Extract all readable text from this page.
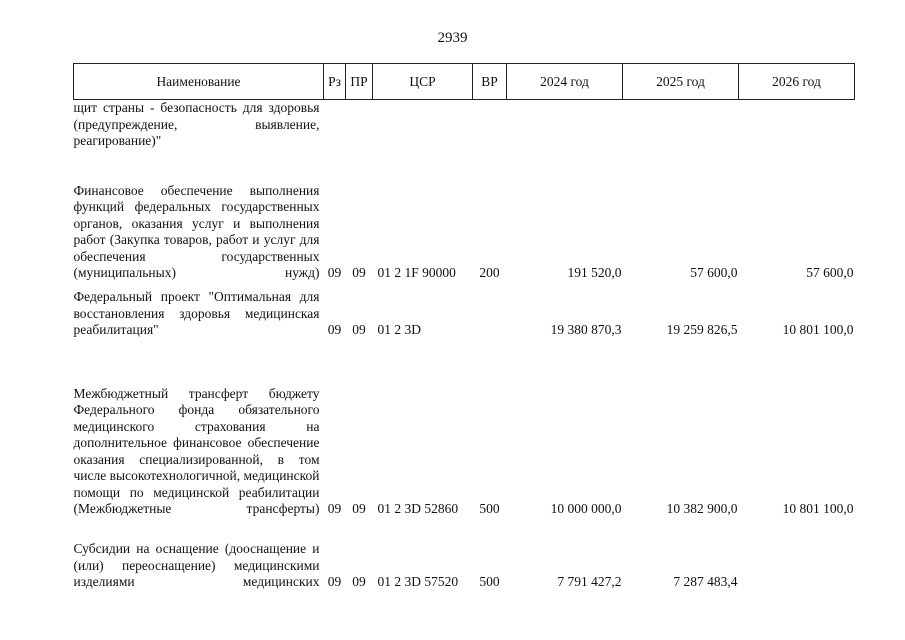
2939
Наименование	Рз	ПР	ЦСР	ВР	2024 год	2025 год	2026 год
щит страны - безопасность для здоровья (предупреждение, выявление, реагирование)"							
Финансовое обеспечение выполнения функций федеральных государственных органов, оказания услуг и выполнения работ (Закупка товаров, работ и услуг для обеспечения государственных (муниципальных) нужд)	09	09	01 2 1F 90000	200	191 520,0	57 600,0	57 600,0
Федеральный проект "Оптимальная для восстановления здоровья медицинская реабилитация"	09	09	01 2 3D		19 380 870,3	19 259 826,5	10 801 100,0
Межбюджетный трансферт бюджету Федерального фонда обязательного медицинского страхования на дополнительное финансовое обеспечение оказания специализированной, в том числе высокотехнологичной, медицинской помощи по медицинской реабилитации (Межбюджетные трансферты)	09	09	01 2 3D 52860	500	10 000 000,0	10 382 900,0	10 801 100,0
Субсидии на оснащение (дооснащение и (или) переоснащение) медицинскими изделиями медицинских	09	09	01 2 3D 57520	500	7 791 427,2	7 287 483,4	
